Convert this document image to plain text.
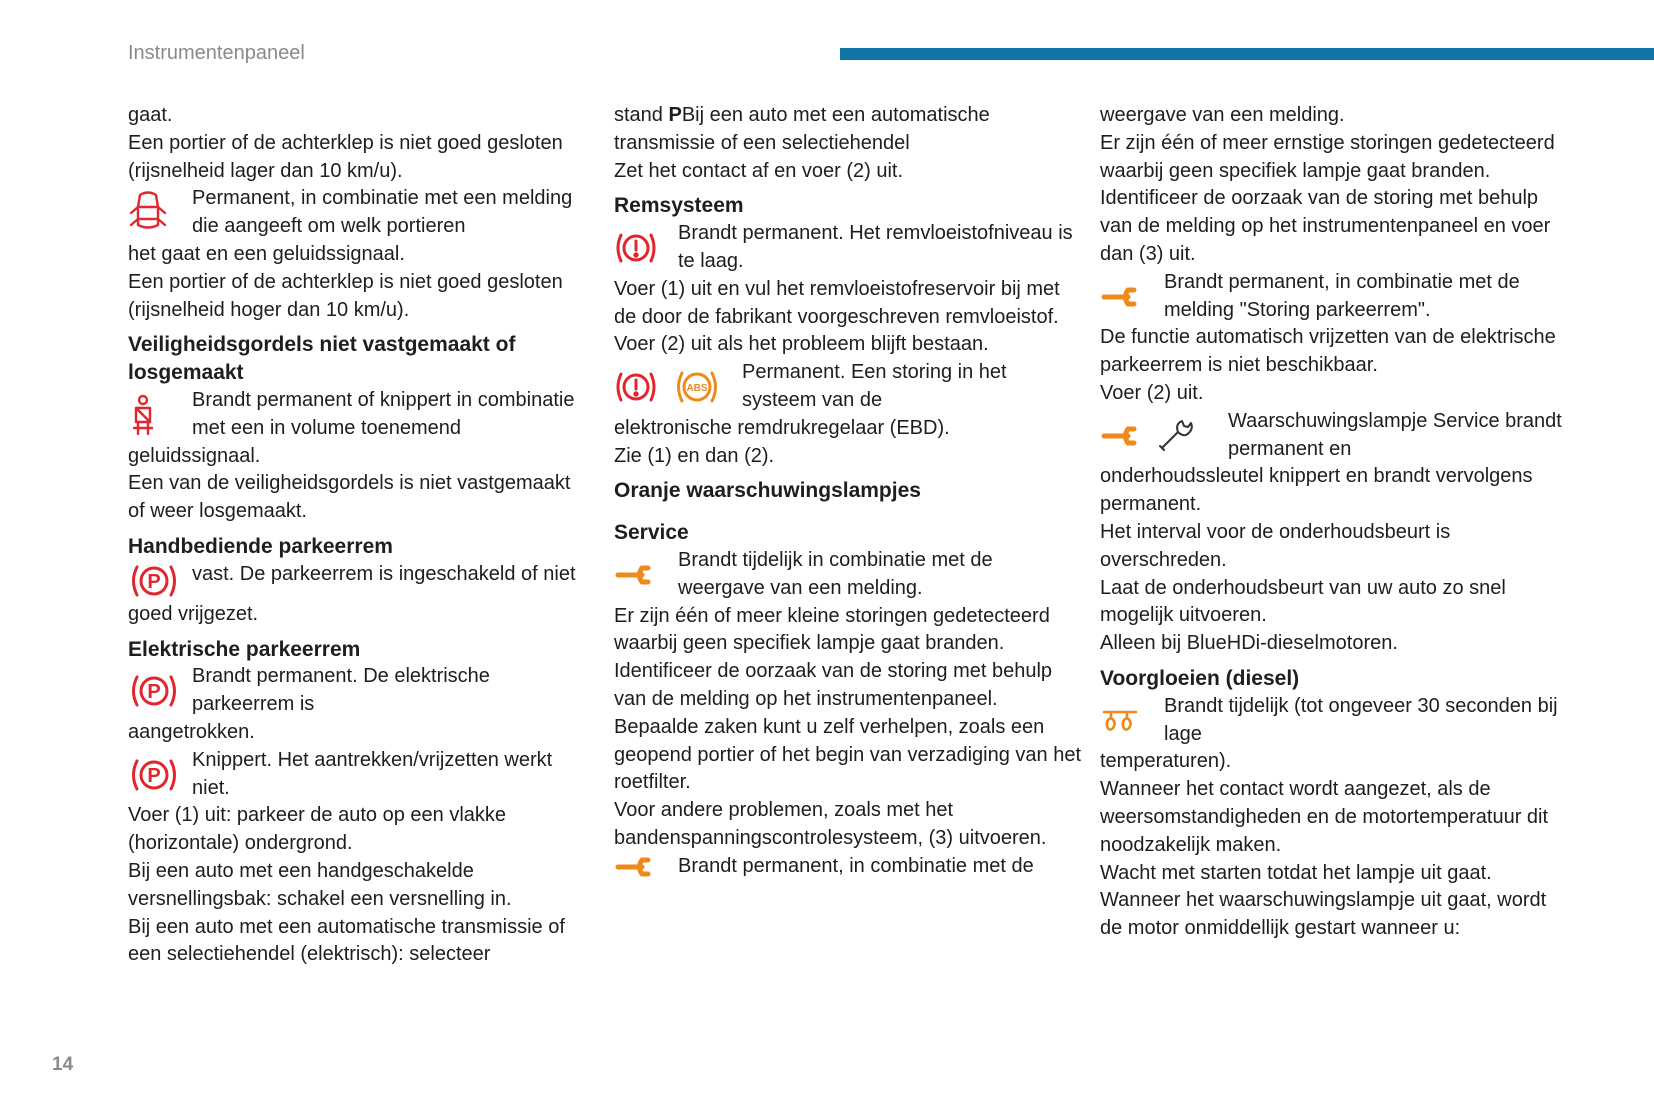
Instrumentenpaneel

gaat.

Een portier of de achterklep is niet goed gesloten (rijsnelheid lager dan 10 km/u).

Permanent, in combinatie met een melding die aangeeft om welk portieren

het gaat en een geluidssignaal.

Een portier of de achterklep is niet goed gesloten (rijsnelheid hoger dan 10 km/u).

Veiligheidsgordels niet vastgemaakt of losgemaakt
Brandt permanent of knippert in combinatie met een in volume toenemend

geluidssignaal.

Een van de veiligheidsgordels is niet vastgemaakt of weer losgemaakt.

Handbediende parkeerrem
P vast. De parkeerrem is ingeschakeld of niet

goed vrijgezet.

Elektrische parkeerrem
P
Brandt permanent. De elektrische parkeerrem is

aangetrokken.

P
Knippert. Het aantrekken/vrijzetten werkt niet.

Voer (1) uit: parkeer de auto op een vlakke (horizontale) ondergrond.

Bij een auto met een handgeschakelde versnellingsbak: schakel een versnelling in.

Bij een auto met een automatische transmissie of een selectiehendel (elektrisch): selecteer

stand PBij een auto met een automatische transmissie of een selectiehendel

Zet het contact af en voer (2) uit.

Remsysteem
Brandt permanent. Het remvloeistofniveau is te laag.

Voer (1) uit en vul het remvloeistofreservoir bij met de door de fabrikant voorgeschreven remvloeistof. Voer (2) uit als het probleem blijft bestaan.

ABS
Permanent. Een storing in het systeem van de

elektronische remdrukregelaar (EBD).

Zie (1) en dan (2).

Oranje waarschuwingslampjes
Service
Brandt tijdelijk in combinatie met de weergave van een melding.

Er zijn één of meer kleine storingen gedetecteerd waarbij geen specifiek lampje gaat branden.

Identificeer de oorzaak van de storing met behulp van de melding op het instrumentenpaneel.

Bepaalde zaken kunt u zelf verhelpen, zoals een geopend portier of het begin van verzadiging van het roetfilter.

Voor andere problemen, zoals met het bandenspanningscontrolesysteem, (3) uitvoeren.

Brandt permanent, in combinatie met de

weergave van een melding.

Er zijn één of meer ernstige storingen gedetecteerd waarbij geen specifiek lampje gaat branden.

Identificeer de oorzaak van de storing met behulp van de melding op het instrumentenpaneel en voer dan (3) uit.

Brandt permanent, in combinatie met de melding "Storing parkeerrem".

De functie automatisch vrijzetten van de elektrische parkeerrem is niet beschikbaar.

Voer (2) uit.

Waarschuwingslampje Service brandt permanent en

onderhoudssleutel knippert en brandt vervolgens permanent.

Het interval voor de onderhoudsbeurt is overschreden.

Laat de onderhoudsbeurt van uw auto zo snel mogelijk uitvoeren.

Alleen bij BlueHDi-dieselmotoren.

Voorgloeien (diesel)
Brandt tijdelijk (tot ongeveer 30 seconden bij lage

temperaturen).

Wanneer het contact wordt aangezet, als de weersomstandigheden en de motortemperatuur dit noodzakelijk maken.

Wacht met starten totdat het lampje uit gaat.

Wanneer het waarschuwingslampje uit gaat, wordt de motor onmiddellijk gestart wanneer u:

14
